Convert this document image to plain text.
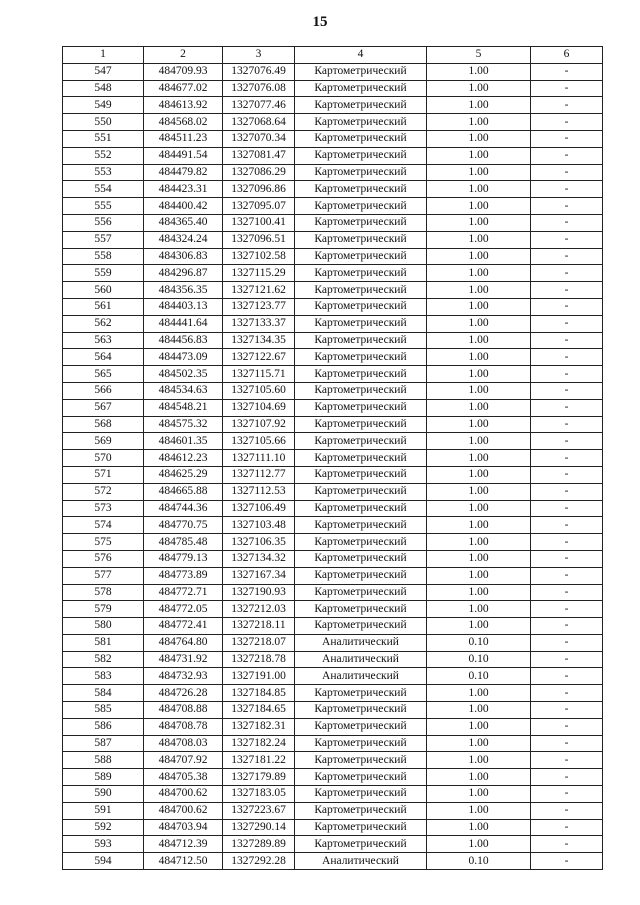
15
1	2	3	4	5	6
547	484709.93	1327076.49	Картометрический	1.00	-
548	484677.02	1327076.08	Картометрический	1.00	-
549	484613.92	1327077.46	Картометрический	1.00	-
550	484568.02	1327068.64	Картометрический	1.00	-
551	484511.23	1327070.34	Картометрический	1.00	-
552	484491.54	1327081.47	Картометрический	1.00	-
553	484479.82	1327086.29	Картометрический	1.00	-
554	484423.31	1327096.86	Картометрический	1.00	-
555	484400.42	1327095.07	Картометрический	1.00	-
556	484365.40	1327100.41	Картометрический	1.00	-
557	484324.24	1327096.51	Картометрический	1.00	-
558	484306.83	1327102.58	Картометрический	1.00	-
559	484296.87	1327115.29	Картометрический	1.00	-
560	484356.35	1327121.62	Картометрический	1.00	-
561	484403.13	1327123.77	Картометрический	1.00	-
562	484441.64	1327133.37	Картометрический	1.00	-
563	484456.83	1327134.35	Картометрический	1.00	-
564	484473.09	1327122.67	Картометрический	1.00	-
565	484502.35	1327115.71	Картометрический	1.00	-
566	484534.63	1327105.60	Картометрический	1.00	-
567	484548.21	1327104.69	Картометрический	1.00	-
568	484575.32	1327107.92	Картометрический	1.00	-
569	484601.35	1327105.66	Картометрический	1.00	-
570	484612.23	1327111.10	Картометрический	1.00	-
571	484625.29	1327112.77	Картометрический	1.00	-
572	484665.88	1327112.53	Картометрический	1.00	-
573	484744.36	1327106.49	Картометрический	1.00	-
574	484770.75	1327103.48	Картометрический	1.00	-
575	484785.48	1327106.35	Картометрический	1.00	-
576	484779.13	1327134.32	Картометрический	1.00	-
577	484773.89	1327167.34	Картометрический	1.00	-
578	484772.71	1327190.93	Картометрический	1.00	-
579	484772.05	1327212.03	Картометрический	1.00	-
580	484772.41	1327218.11	Картометрический	1.00	-
581	484764.80	1327218.07	Аналитический	0.10	-
582	484731.92	1327218.78	Аналитический	0.10	-
583	484732.93	1327191.00	Аналитический	0.10	-
584	484726.28	1327184.85	Картометрический	1.00	-
585	484708.88	1327184.65	Картометрический	1.00	-
586	484708.78	1327182.31	Картометрический	1.00	-
587	484708.03	1327182.24	Картометрический	1.00	-
588	484707.92	1327181.22	Картометрический	1.00	-
589	484705.38	1327179.89	Картометрический	1.00	-
590	484700.62	1327183.05	Картометрический	1.00	-
591	484700.62	1327223.67	Картометрический	1.00	-
592	484703.94	1327290.14	Картометрический	1.00	-
593	484712.39	1327289.89	Картометрический	1.00	-
594	484712.50	1327292.28	Аналитический	0.10	-
